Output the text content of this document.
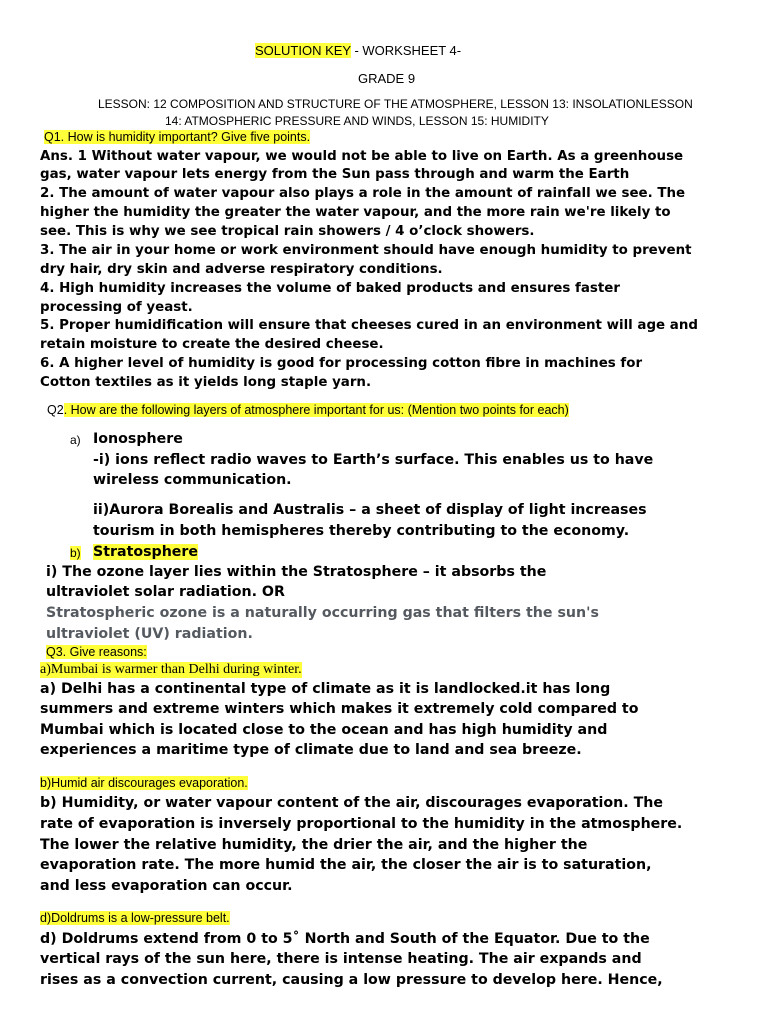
SOLUTION KEY - WORKSHEET 4-
GRADE 9
LESSON: 12 COMPOSITION AND STRUCTURE OF THE ATMOSPHERE, LESSON 13: INSOLATIONLESSON
14: ATMOSPHERIC PRESSURE AND WINDS, LESSON 15: HUMIDITY
Q1. How is humidity important? Give five points.
Ans. 1 Without water vapour, we would not be able to live on Earth. As a greenhouse
gas, water vapour lets energy from the Sun pass through and warm the Earth
2. The amount of water vapour also plays a role in the amount of rainfall we see. The
higher the humidity the greater the water vapour, and the more rain we're likely to
see. This is why we see tropical rain showers / 4 o’clock showers.
3. The air in your home or work environment should have enough humidity to prevent
dry hair, dry skin and adverse respiratory conditions.
4. High humidity increases the volume of baked products and ensures faster
processing of yeast.
5. Proper humidification will ensure that cheeses cured in an environment will age and
retain moisture to create the desired cheese.
6. A higher level of humidity is good for processing cotton fibre in machines for
Cotton textiles as it yields long staple yarn.
Q2. How are the following layers of atmosphere important for us: (Mention two points for each)
a) Ionosphere
-i) ions reflect radio waves to Earth’s surface. This enables us to have
wireless communication.
ii)Aurora Borealis and Australis – a sheet of display of light increases
tourism in both hemispheres thereby contributing to the economy.
b) Stratosphere
i) The ozone layer lies within the Stratosphere – it absorbs the
ultraviolet solar radiation. OR
Stratospheric ozone is a naturally occurring gas that filters the sun's
ultraviolet (UV) radiation.
Q3. Give reasons:
a)Mumbai is warmer than Delhi during winter.
a) Delhi has a continental type of climate as it is landlocked.it has long
summers and extreme winters which makes it extremely cold compared to
Mumbai which is located close to the ocean and has high humidity and
experiences a maritime type of climate due to land and sea breeze.
b)Humid air discourages evaporation.
b) Humidity, or water vapour content of the air, discourages evaporation. The
rate of evaporation is inversely proportional to the humidity in the atmosphere.
The lower the relative humidity, the drier the air, and the higher the
evaporation rate. The more humid the air, the closer the air is to saturation,
and less evaporation can occur.
d)Doldrums is a low-pressure belt.
d) Doldrums extend from 0 to 5˚ North and South of the Equator. Due to the
vertical rays of the sun here, there is intense heating. The air expands and
rises as a convection current, causing a low pressure to develop here. Hence,
